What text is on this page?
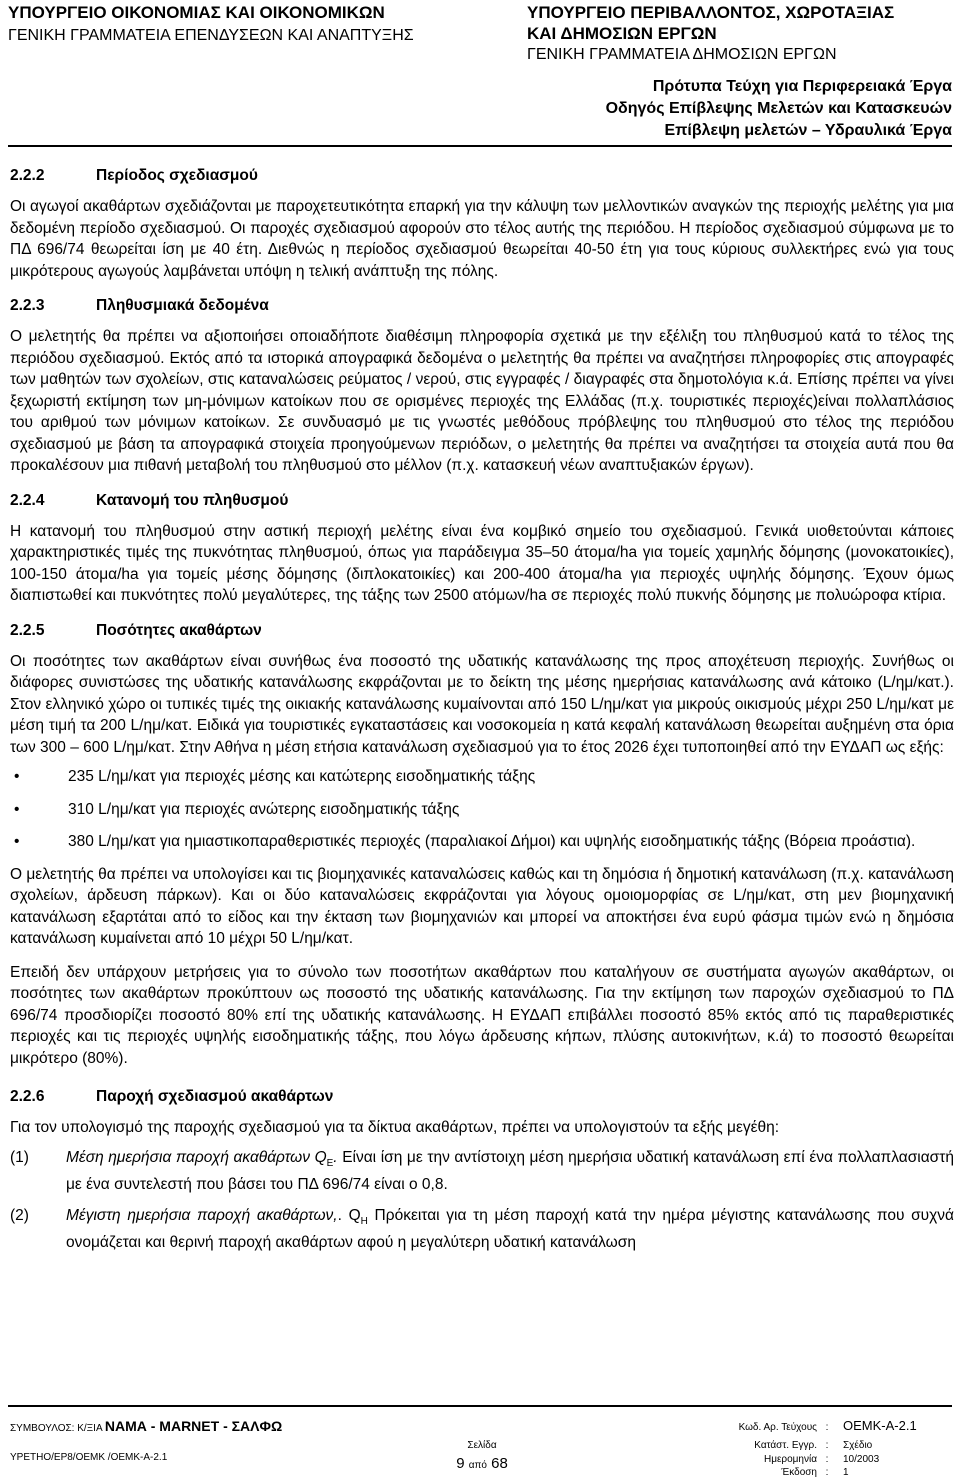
ΥΠΟΥΡΓΕΙΟ ΟΙΚΟΝΟΜΙΑΣ ΚΑΙ ΟΙΚΟΝΟΜΙΚΩΝ
ΓΕΝΙΚΗ ΓΡΑΜΜΑΤΕΙΑ ΕΠΕΝΔΥΣΕΩΝ ΚΑΙ ΑΝΑΠΤΥΞΗΣ
ΥΠΟΥΡΓΕΙΟ ΠΕΡΙΒΑΛΛΟΝΤΟΣ, ΧΩΡΟΤΑΞΙΑΣ
ΚΑΙ ΔΗΜΟΣΙΩΝ ΕΡΓΩΝ
ΓΕΝΙΚΗ ΓΡΑΜΜΑΤΕΙΑ ΔΗΜΟΣΙΩΝ ΕΡΓΩΝ
Πρότυπα Τεύχη για Περιφερειακά Έργα
Οδηγός Επίβλεψης Μελετών και Κατασκευών
Επίβλεψη μελετών – Υδραυλικά Έργα
2.2.2	Περίοδος σχεδιασμού

Οι αγωγοί ακαθάρτων σχεδιάζονται με παροχετευτικότητα επαρκή για την κάλυψη των μελλοντικών αναγκών της περιοχής μελέτης για μια δεδομένη περίοδο σχεδιασμού. Οι παροχές σχεδιασμού αφορούν στο τέλος αυτής της περιόδου. Η περίοδος σχεδιασμού σύμφωνα με το ΠΔ 696/74 θεωρείται ίση με 40 έτη. Διεθνώς η περίοδος σχεδιασμού θεωρείται 40-50 έτη για τους κύριους συλλεκτήρες ενώ για τους μικρότερους αγωγούς λαμβάνεται υπόψη η τελική ανάπτυξη της πόλης.

2.2.3	Πληθυσμιακά δεδομένα

Ο μελετητής θα πρέπει να αξιοποιήσει οποιαδήποτε διαθέσιμη πληροφορία σχετικά με την εξέλιξη του πληθυσμού κατά το τέλος της περιόδου σχεδιασμού. Εκτός από τα ιστορικά απογραφικά δεδομένα ο μελετητής θα πρέπει να αναζητήσει πληροφορίες στις απογραφές των μαθητών των σχολείων, στις καταναλώσεις ρεύματος / νερού, στις εγγραφές / διαγραφές στα δημοτολόγια κ.ά. Επίσης πρέπει να γίνει ξεχωριστή εκτίμηση των μη-μόνιμων κατοίκων που σε ορισμένες περιοχές της Ελλάδας (π.χ. τουριστικές περιοχές)είναι πολλαπλάσιος του αριθμού των μόνιμων κατοίκων. Σε συνδυασμό με τις γνωστές μεθόδους πρόβλεψης του πληθυσμού στο τέλος της περιόδου σχεδιασμού με βάση τα απογραφικά στοιχεία προηγούμενων περιόδων, ο μελετητής θα πρέπει να αναζητήσει τα στοιχεία αυτά που θα προκαλέσουν μια πιθανή μεταβολή του πληθυσμού στο μέλλον (π.χ. κατασκευή νέων αναπτυξιακών έργων).

2.2.4	Κατανομή του πληθυσμού

Η κατανομή του πληθυσμού στην αστική περιοχή μελέτης είναι ένα κομβικό σημείο του σχεδιασμού. Γενικά υιοθετούνται κάποιες χαρακτηριστικές τιμές της πυκνότητας πληθυσμού, όπως για παράδειγμα 35–50 άτομα/ha για τομείς χαμηλής δόμησης (μονοκατοικίες), 100-150 άτομα/ha για τομείς μέσης δόμησης (διπλοκατοικίες) και 200-400 άτομα/ha για περιοχές υψηλής δόμησης. Έχουν όμως διαπιστωθεί και πυκνότητες πολύ μεγαλύτερες, της τάξης των 2500 ατόμων/ha σε περιοχές πολύ πυκνής δόμησης με πολυώροφα κτίρια.

2.2.5	Ποσότητες ακαθάρτων

Οι ποσότητες των ακαθάρτων είναι συνήθως ένα ποσοστό της υδατικής κατανάλωσης της προς αποχέτευση περιοχής. Συνήθως οι διάφορες συνιστώσες της υδατικής κατανάλωσης εκφράζονται με το δείκτη της μέσης ημερήσιας κατανάλωσης ανά κάτοικο (L/ημ/κατ.). Στον ελληνικό χώρο οι τυπικές τιμές της οικιακής κατανάλωσης κυμαίνονται από 150 L/ημ/κατ για μικρούς οικισμούς μέχρι 250 L/ημ/κατ με μέση τιμή τα 200 L/ημ/κατ. Ειδικά για τουριστικές εγκαταστάσεις και νοσοκομεία η κατά κεφαλή κατανάλωση θεωρείται αυξημένη στα όρια των 300 – 600 L/ημ/κατ. Στην Αθήνα η μέση ετήσια κατανάλωση σχεδιασμού για το έτος 2026 έχει τυποποιηθεί από την ΕΥΔΑΠ ως εξής:

•	235 L/ημ/κατ για περιοχές μέσης και κατώτερης εισοδηματικής τάξης
•	310 L/ημ/κατ για περιοχές ανώτερης εισοδηματικής τάξης
•	380 L/ημ/κατ για ημιαστικοπαραθεριστικές περιοχές (παραλιακοί Δήμοι) και υψηλής εισοδηματικής τάξης (Βόρεια προάστια).

Ο μελετητής θα πρέπει να υπολογίσει και τις βιομηχανικές καταναλώσεις καθώς και τη δημόσια ή δημοτική κατανάλωση (π.χ. κατανάλωση σχολείων, άρδευση πάρκων). Και οι δύο καταναλώσεις εκφράζονται για λόγους ομοιομορφίας σε L/ημ/κατ, στη μεν βιομηχανική κατανάλωση εξαρτάται από το είδος και την έκταση των βιομηχανιών και μπορεί να αποκτήσει ένα ευρύ φάσμα τιμών ενώ η δημόσια κατανάλωση κυμαίνεται από 10 μέχρι 50 L/ημ/κατ.

Επειδή δεν υπάρχουν μετρήσεις για το σύνολο των ποσοτήτων ακαθάρτων που καταλήγουν σε συστήματα αγωγών ακαθάρτων, οι ποσότητες των ακαθάρτων προκύπτουν ως ποσοστό της υδατικής κατανάλωσης. Για την εκτίμηση των παροχών σχεδιασμού το ΠΔ 696/74 προσδιορίζει ποσοστό 80% επί της υδατικής κατανάλωσης. Η ΕΥΔΑΠ επιβάλλει ποσοστό 85% εκτός από τις παραθεριστικές περιοχές και τις περιοχές υψηλής εισοδηματικής τάξης, που λόγω άρδευσης κήπων, πλύσης αυτοκινήτων, κ.ά) το ποσοστό θεωρείται μικρότερο (80%).

2.2.6	Παροχή σχεδιασμού ακαθάρτων

Για τον υπολογισμό της παροχής σχεδιασμού για τα δίκτυα ακαθάρτων, πρέπει να υπολογιστούν τα εξής μεγέθη:

(1)	Μέση ημερήσια παροχή ακαθάρτων $Q_E$. Είναι ίση με την αντίστοιχη μέση ημερήσια υδατική κατανάλωση επί ένα πολλαπλασιαστή με ένα συντελεστή που βάσει του ΠΔ 696/74 είναι ο 0,8.
(2)	Μέγιστη ημερήσια παροχή ακαθάρτων,. $Q_H$ Πρόκειται για τη μέση παροχή κατά την ημέρα μέγιστης κατανάλωσης που συχνά ονομάζεται και θερινή παροχή ακαθάρτων αφού η μεγαλύτερη υδατική κατανάλωση
ΣΥΜΒΟΥΛΟΣ: Κ/ΞΙΑ ΝΑΜΑ - MARNET - ΣΑΛΦΩ
ΥΡΕΤΗΟ/ΕΡ8/ΟΕΜΚ /ΟΕΜΚ-Α-2.1
Σελίδα
9 από 68
Κωδ. Αρ. Τεύχους :	ΟΕΜΚ-Α-2.1
Κατάστ. Εγγρ. :	Σχέδιο
Ημερομηνία :	10/2003
Έκδοση :	1
